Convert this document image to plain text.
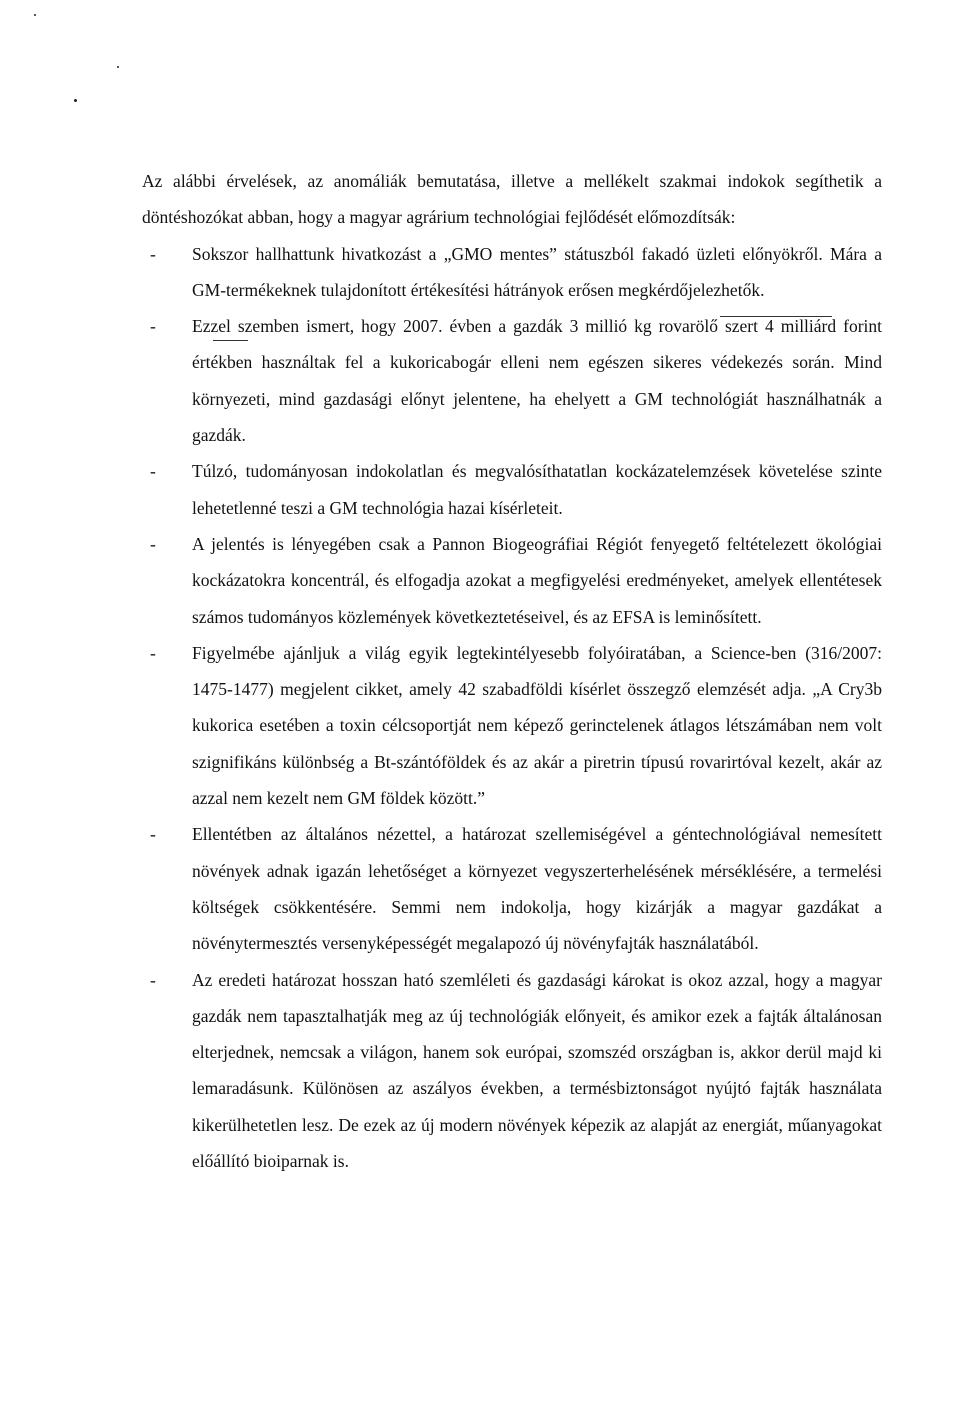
Az alábbi érvelések, az anomáliák bemutatása, illetve a mellékelt szakmai indokok segíthetik a döntéshozókat abban, hogy a magyar agrárium technológiai fejlődését előmozdítsák:

- Sokszor hallhattunk hivatkozást a „GMO mentes” státuszból fakadó üzleti előnyökről. Mára a GM-termékeknek tulajdonított értékesítési hátrányok erősen megkérdőjelezhetők.
- Ezzel szemben ismert, hogy 2007. évben a gazdák 3 millió kg rovarölő szert 4 milliárd forint értékben használtak fel a kukoricabogár elleni nem egészen sikeres védekezés során. Mind környezeti, mind gazdasági előnyt jelentene, ha ehelyett a GM technológiát használhatnák a gazdák.
- Túlzó, tudományosan indokolatlan és megvalósíthatatlan kockázatelemzések követelése szinte lehetetlenné teszi a GM technológia hazai kísérleteit.
- A jelentés is lényegében csak a Pannon Biogeográfiai Régiót fenyegető feltételezett ökológiai kockázatokra koncentrál, és elfogadja azokat a megfigyelési eredményeket, amelyek ellentétesek számos tudományos közlemények következtetéseivel, és az EFSA is leminősített.
- Figyelmébe ajánljuk a világ egyik legtekintélyesebb folyóiratában, a Science-ben (316/2007: 1475-1477) megjelent cikket, amely 42 szabadföldi kísérlet összegző elemzését adja. „A Cry3b kukorica esetében a toxin célcsoportját nem képező gerinctelenek átlagos létszámában nem volt szignifikáns különbség a Bt-szántóföldek és az akár a piretrin típusú rovarirtóval kezelt, akár az azzal nem kezelt nem GM földek között.”
- Ellentétben az általános nézettel, a határozat szellemiségével a géntechnológiával nemesített növények adnak igazán lehetőséget a környezet vegyszerterhelésének mérséklésére, a termelési költségek csökkentésére. Semmi nem indokolja, hogy kizárják a magyar gazdákat a növénytermesztés versenyképességét megalapozó új növényfajták használatából.
- Az eredeti határozat hosszan ható szemléleti és gazdasági károkat is okoz azzal, hogy a magyar gazdák nem tapasztalhatják meg az új technológiák előnyeit, és amikor ezek a fajták általánosan elterjednek, nemcsak a világon, hanem sok európai, szomszéd országban is, akkor derül majd ki lemaradásunk. Különösen az aszályos években, a termésbiztonságot nyújtó fajták használata kikerülhetetlen lesz. De ezek az új modern növények képezik az alapját az energiát, műanyagokat előállító bioiparnak is.
